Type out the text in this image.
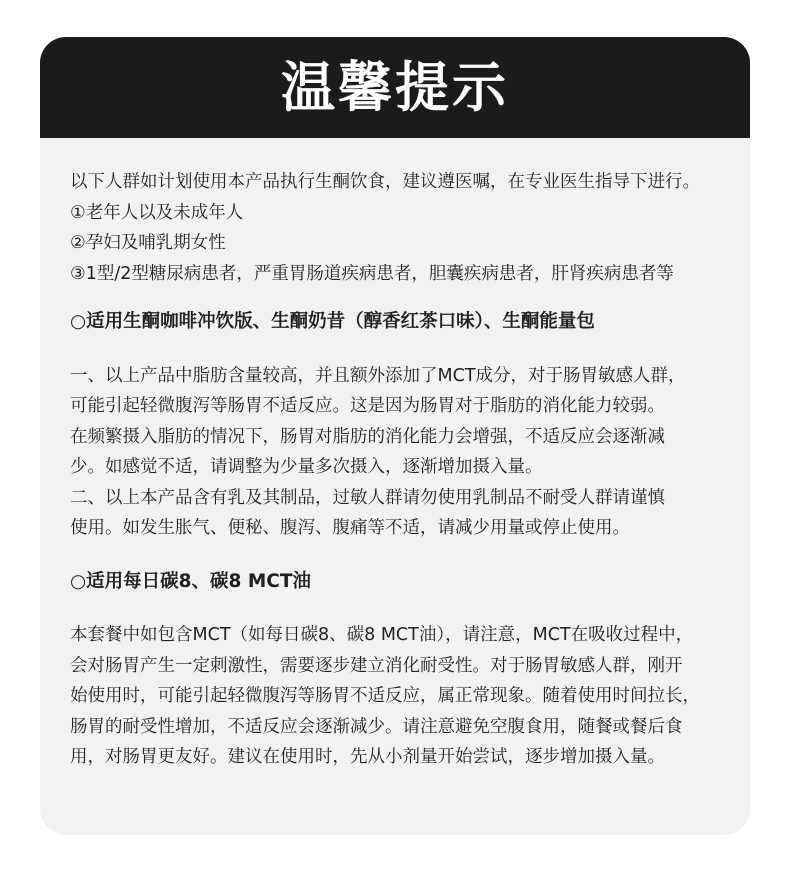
温馨提示
以下人群如计划使用本产品执行生酮饮食，建议遵医嘱，在专业医生指导下进行。
①老年人以及未成年人
②孕妇及哺乳期女性
③1型/2型糖尿病患者，严重胃肠道疾病患者，胆囊疾病患者，肝肾疾病患者等
○适用生酮咖啡冲饮版、生酮奶昔（醇香红茶口味）、生酮能量包
一、以上产品中脂肪含量较高，并且额外添加了MCT成分，对于肠胃敏感人群，
可能引起轻微腹泻等肠胃不适反应。这是因为肠胃对于脂肪的消化能力较弱。
在频繁摄入脂肪的情况下，肠胃对脂肪的消化能力会增强，不适反应会逐渐减
少。如感觉不适，请调整为少量多次摄入，逐渐增加摄入量。
二、以上本产品含有乳及其制品，过敏人群请勿使用乳制品不耐受人群请谨慎
使用。如发生胀气、便秘、腹泻、腹痛等不适，请减少用量或停止使用。
○适用每日碳8、碳8 MCT油
本套餐中如包含MCT（如每日碳8、碳8 MCT油），请注意，MCT在吸收过程中，
会对肠胃产生一定刺激性，需要逐步建立消化耐受性。对于肠胃敏感人群，刚开
始使用时，可能引起轻微腹泻等肠胃不适反应，属正常现象。随着使用时间拉长，
肠胃的耐受性增加，不适反应会逐渐减少。请注意避免空腹食用，随餐或餐后食
用，对肠胃更友好。建议在使用时，先从小剂量开始尝试，逐步增加摄入量。
